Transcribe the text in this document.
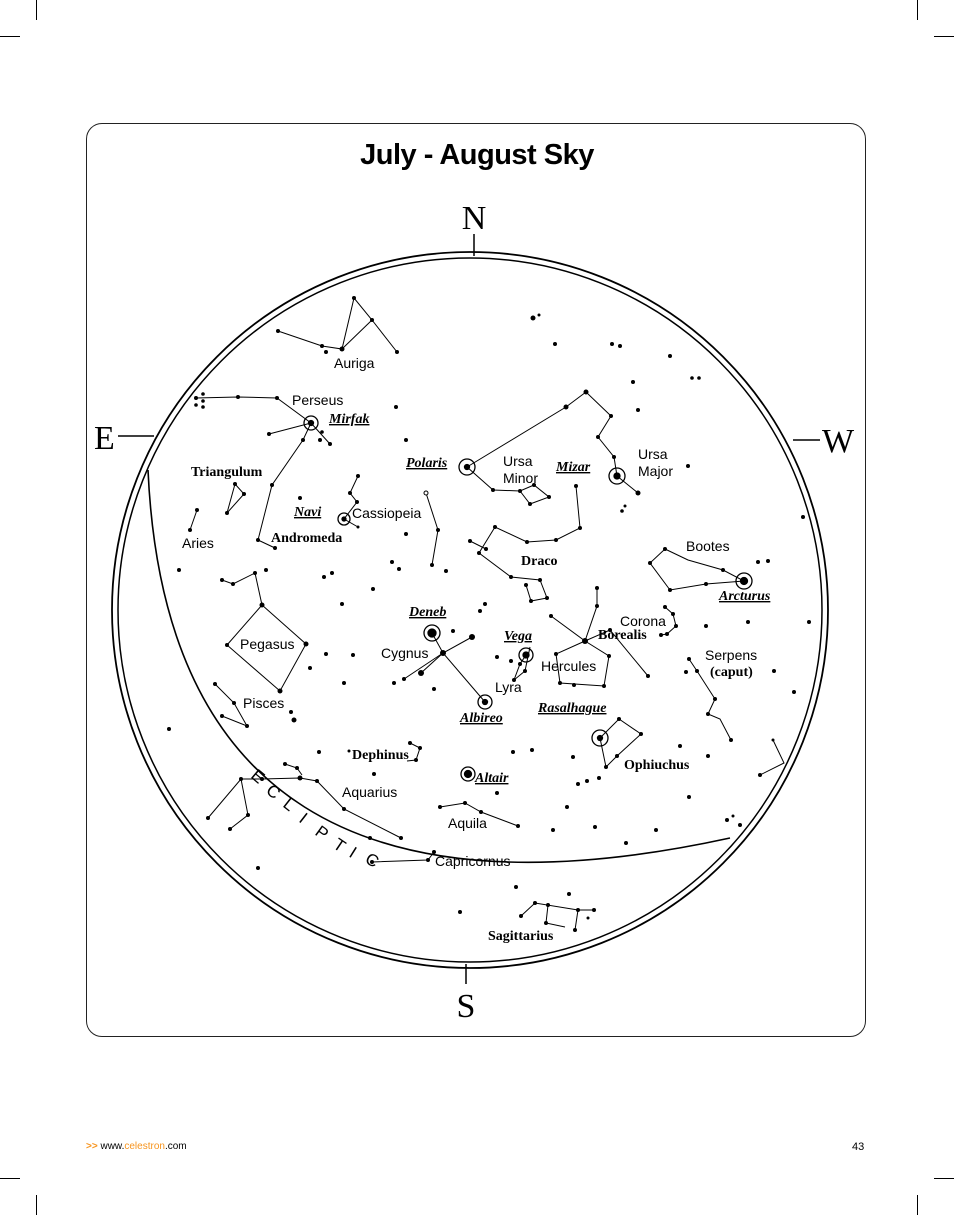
July - August Sky
N
S
E	W
Auriga
Perseus
Triangulum
Aries
Cassiopeia
Andromeda
Pegasus
Pisces
Ursa
Minor
Ursa
Major
Draco
Bootes
Corona
Borealis
Cygnus
Lyra
Hercules
Serpens
(caput)
Dephinus
Aquarius
Aquila
Ophiuchus
Capricornus
Sagittarius
Mirfak
Navi
Polaris	Mizar
Arcturus
Deneb
Vega
Albireo
Rasalhague
Altair
E
C
L
I
P
T
I C
>> www.celestron.com	43
